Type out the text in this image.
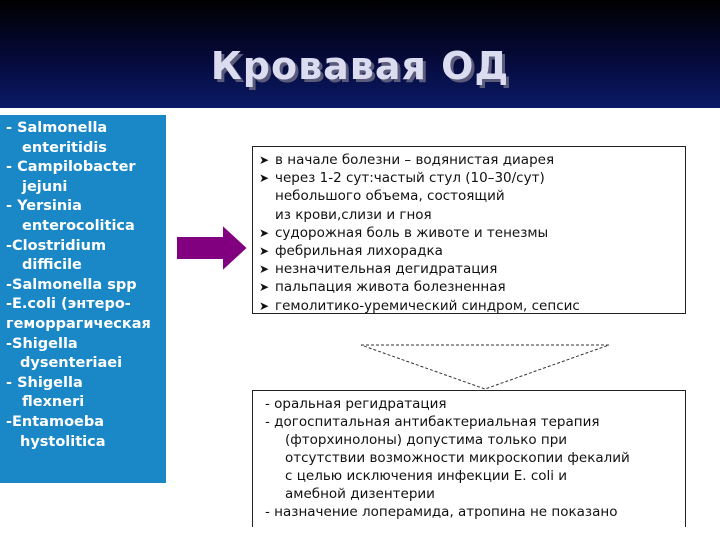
Кровавая ОД
- Salmonella
enteritidis
- Campilobacter
jejuni
- Yersinia
enterocolitica
-Clostridium
difficile
-Salmonella spp
-E.coli (энтеро-
геморрагическая
-Shigella
dysenteriaei
- Shigella
flexneri
-Entamoeba
hystolitica
➤ в начале болезни – водянистая диарея
➤ через 1-2 сут:частый стул (10–30/сут)
небольшого объема, состоящий
из крови,слизи и гноя
➤ судорожная боль в животе и тенезмы
➤ фебрильная лихорадка
➤ незначительная дегидратация
➤ пальпация живота болезненная
➤ гемолитико-уремический синдром, сепсис
- оральная регидратация
- догоспитальная антибактериальная терапия
(фторхинолоны) допустима только при
отсутствии возможности микроскопии фекалий
с целью исключения инфекции E. coli и
амебной дизентерии
- назначение лоперамида, атропина не показано
